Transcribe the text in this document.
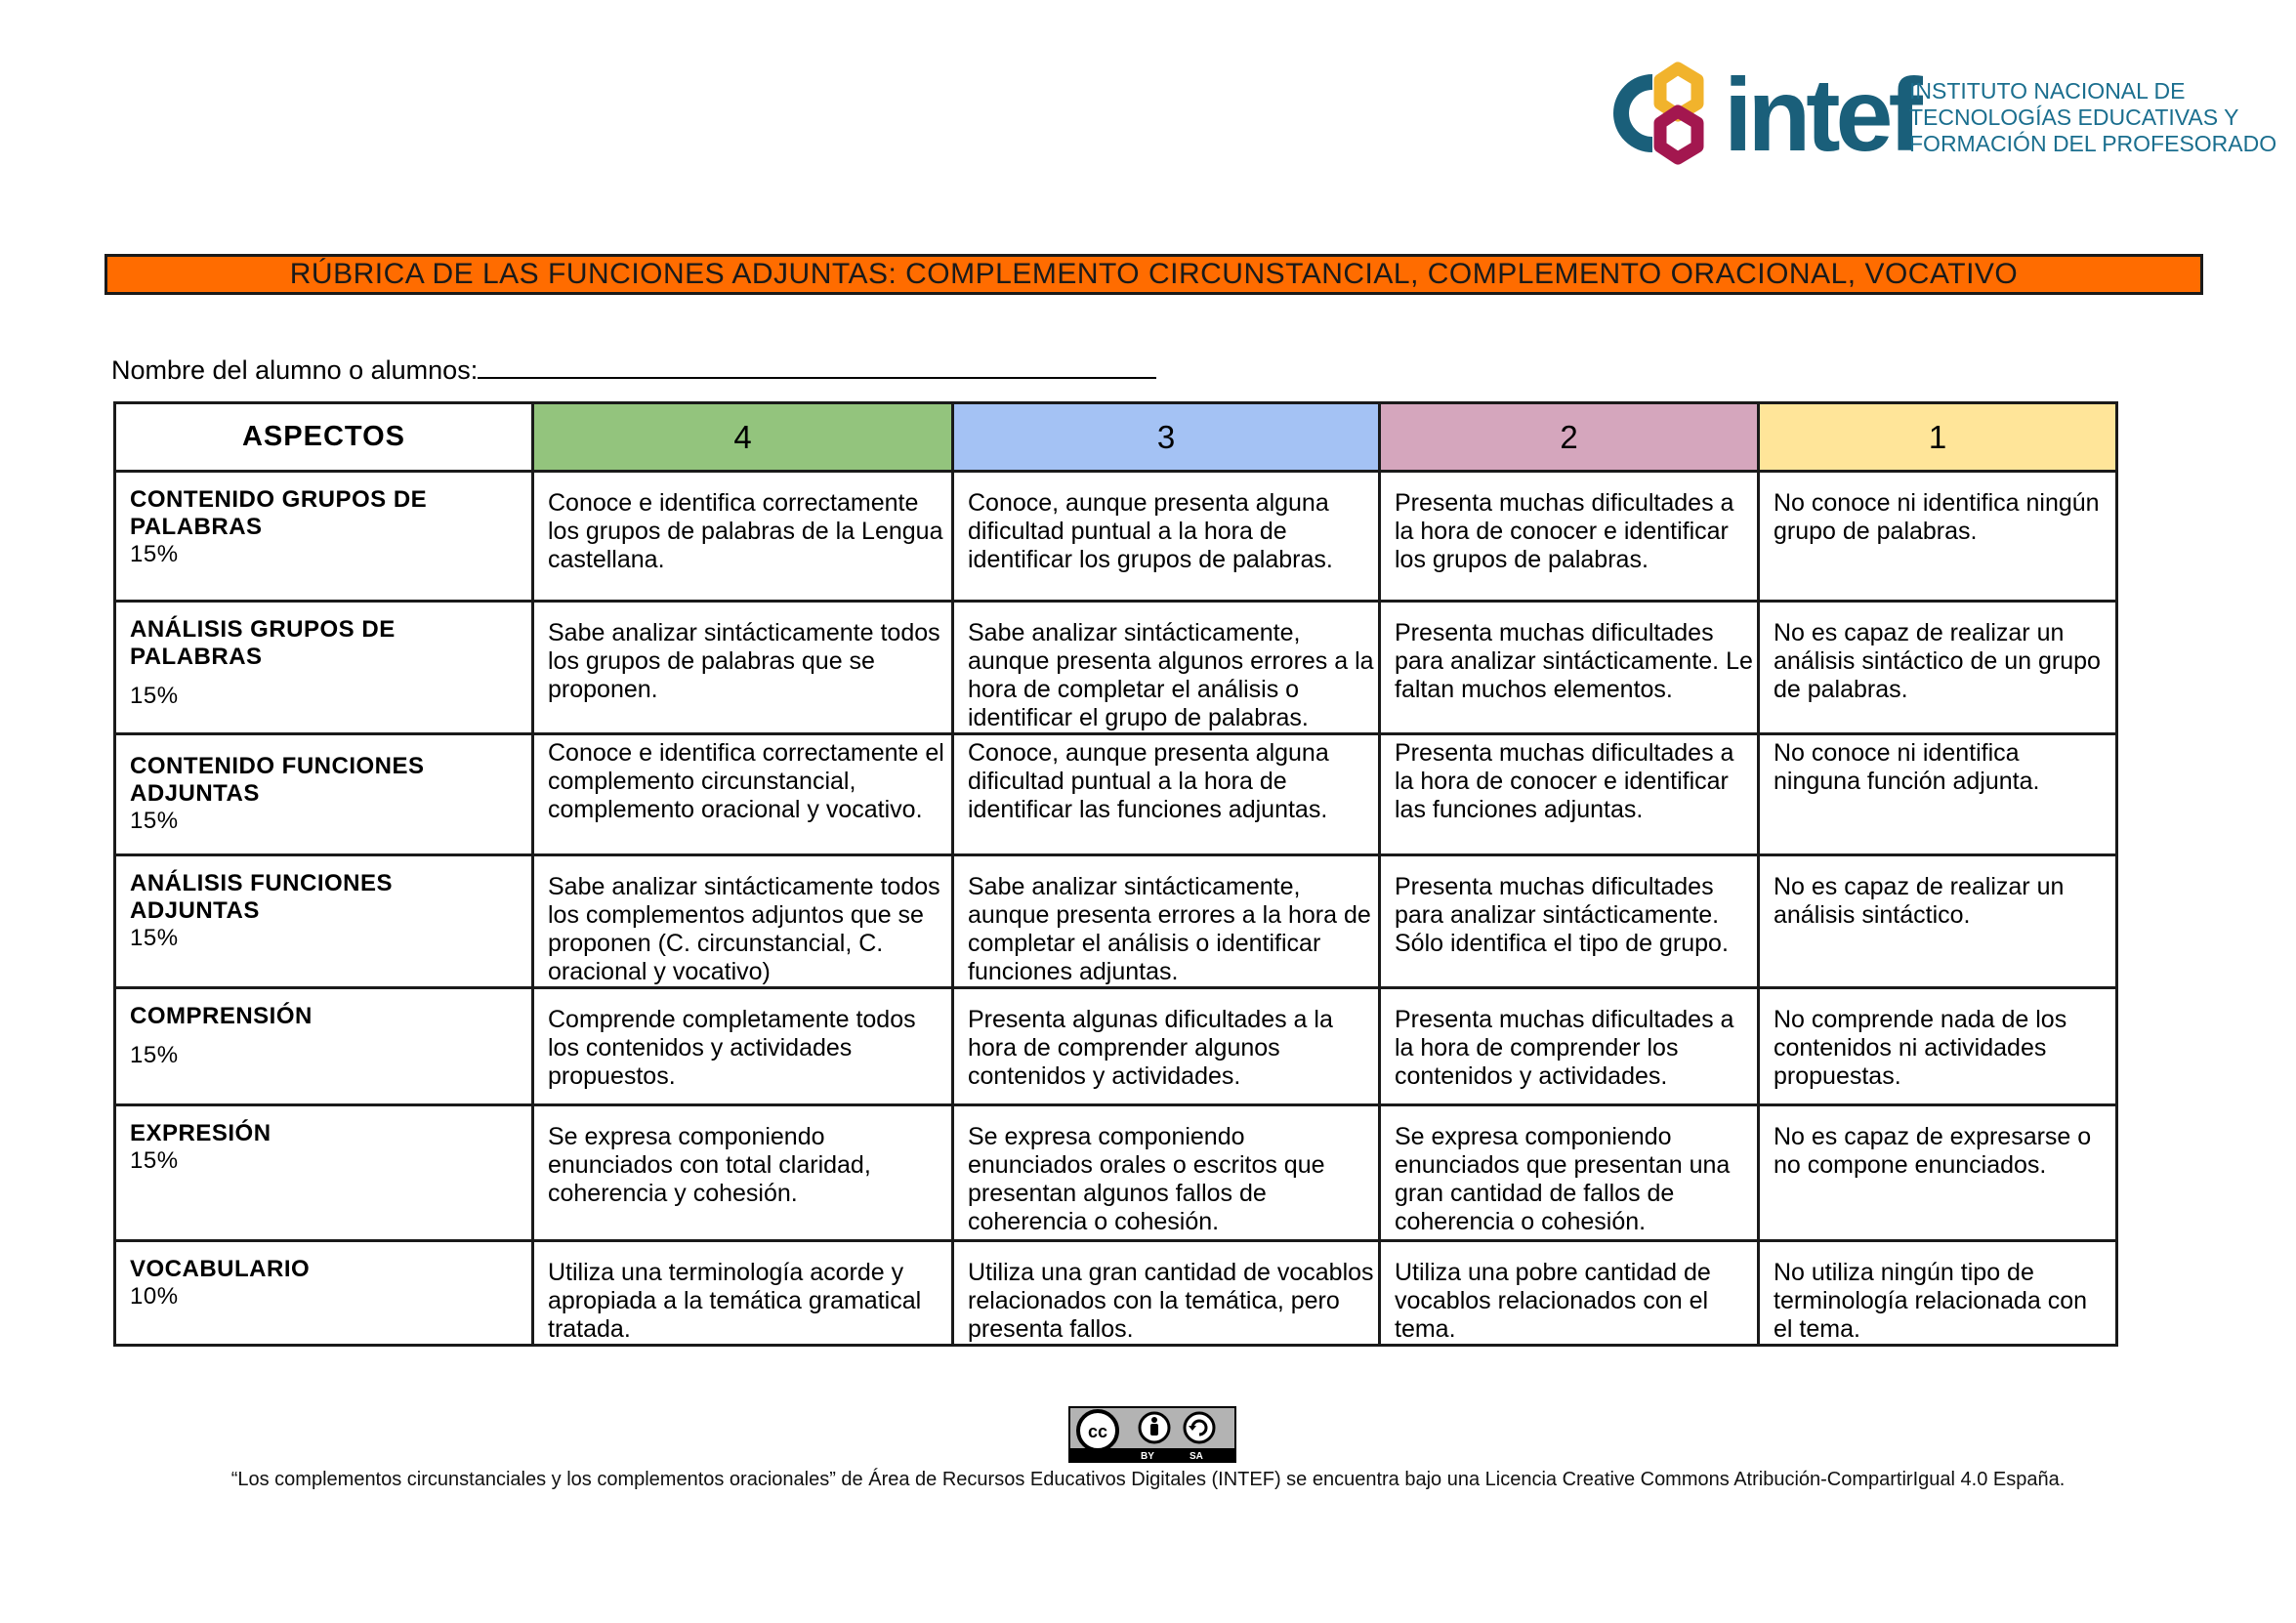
intef
INSTITUTO NACIONAL DE
TECNOLOGÍAS EDUCATIVAS Y
FORMACIÓN DEL PROFESORADO
RÚBRICA DE LAS FUNCIONES ADJUNTAS: COMPLEMENTO CIRCUNSTANCIAL, COMPLEMENTO ORACIONAL, VOCATIVO
Nombre del alumno o alumnos:
ASPECTOS	4	3	2	1

CONTENIDO GRUPOS DE PALABRAS
15%	Conoce e identifica correctamente los grupos de palabras de la Lengua castellana.	Conoce, aunque presenta alguna dificultad puntual a la hora de identificar los grupos de palabras.	Presenta muchas dificultades a la hora de conocer e identificar los grupos de palabras.	No conoce ni identifica ningún grupo de palabras.

ANÁLISIS GRUPOS DE PALABRAS
15%	Sabe analizar sintácticamente todos los grupos de palabras que se proponen.	Sabe analizar sintácticamente, aunque presenta algunos errores a la hora de completar el análisis o identificar el grupo de palabras.	Presenta muchas dificultades para analizar sintácticamente. Le faltan muchos elementos.	No es capaz de realizar un análisis sintáctico de un grupo de palabras.

CONTENIDO FUNCIONES ADJUNTAS
15%	Conoce e identifica correctamente el complemento circunstancial, complemento oracional y vocativo.	Conoce, aunque presenta alguna dificultad puntual a la hora de identificar las funciones adjuntas.	Presenta muchas dificultades a la hora de conocer e identificar las funciones adjuntas.	No conoce ni identifica ninguna función adjunta.

ANÁLISIS FUNCIONES ADJUNTAS
15%	Sabe analizar sintácticamente todos los complementos adjuntos que se proponen (C. circunstancial, C. oracional y vocativo)	Sabe analizar sintácticamente, aunque presenta errores a la hora de completar el análisis o identificar funciones adjuntas.	Presenta muchas dificultades para analizar sintácticamente. Sólo identifica el tipo de grupo.	No es capaz de realizar un análisis sintáctico.

COMPRENSIÓN
15%	Comprende completamente todos los contenidos y actividades propuestos.	Presenta algunas dificultades a la hora de comprender algunos contenidos y actividades.	Presenta muchas dificultades a la hora de comprender los contenidos y actividades.	No comprende nada de los contenidos ni actividades propuestas.

EXPRESIÓN
15%	Se expresa componiendo enunciados con total claridad, coherencia y cohesión.	Se expresa componiendo enunciados orales o escritos que presentan algunos fallos de coherencia o cohesión.	Se expresa componiendo enunciados que presentan una gran cantidad de fallos de coherencia o cohesión.	No es capaz de expresarse o no compone enunciados.

VOCABULARIO
10%	Utiliza una terminología acorde y apropiada a la temática gramatical tratada.	Utiliza una gran cantidad de vocablos relacionados con la temática, pero presenta fallos.	Utiliza una pobre cantidad de vocablos relacionados con el tema.	No utiliza ningún tipo de terminología relacionada con el tema.
cc
BY	SA
“Los complementos circunstanciales y los complementos oracionales” de Área de Recursos Educativos Digitales (INTEF) se encuentra bajo una Licencia Creative Commons Atribución-CompartirIgual 4.0 España.
